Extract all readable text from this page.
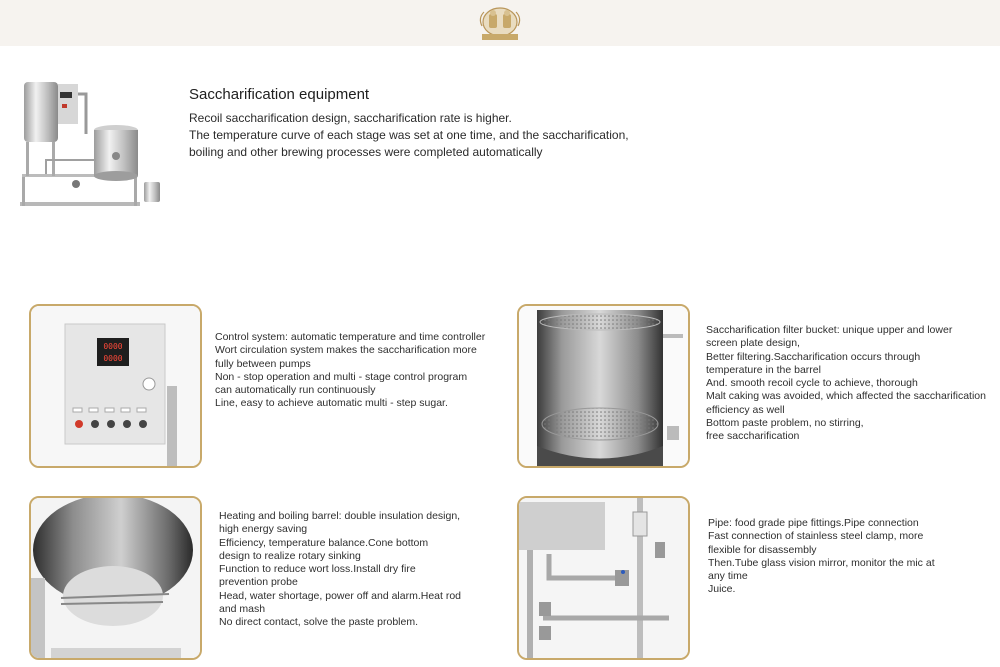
Saccharification equipment

Recoil saccharification design, saccharification rate is higher.
The temperature curve of each stage was set at one time, and the saccharification,
boiling and other brewing processes were completed automatically

0000
0000
Control system: automatic temperature and time controller
Wort circulation system makes the saccharification more
fully between pumps
Non - stop operation and multi - stage control program
can automatically run continuously
Line, easy to achieve automatic multi - step sugar.
Saccharification filter bucket: unique upper and lower
screen plate design,
Better filtering.Saccharification occurs through
temperature in the barrel
And. smooth recoil cycle to achieve, thorough
Malt caking was avoided, which affected the saccharification
efficiency as well
Bottom paste problem, no stirring,
free saccharification
Heating and boiling barrel: double insulation design,
high energy saving
Efficiency, temperature balance.Cone bottom
design to realize rotary sinking
Function to reduce wort loss.Install dry fire
prevention probe
Head, water shortage, power off and alarm.Heat rod
and mash
No direct contact, solve the paste problem.
Pipe: food grade pipe fittings.Pipe connection
Fast connection of stainless steel clamp, more
flexible for disassembly
Then.Tube glass vision mirror, monitor the mic at
any time
Juice.
